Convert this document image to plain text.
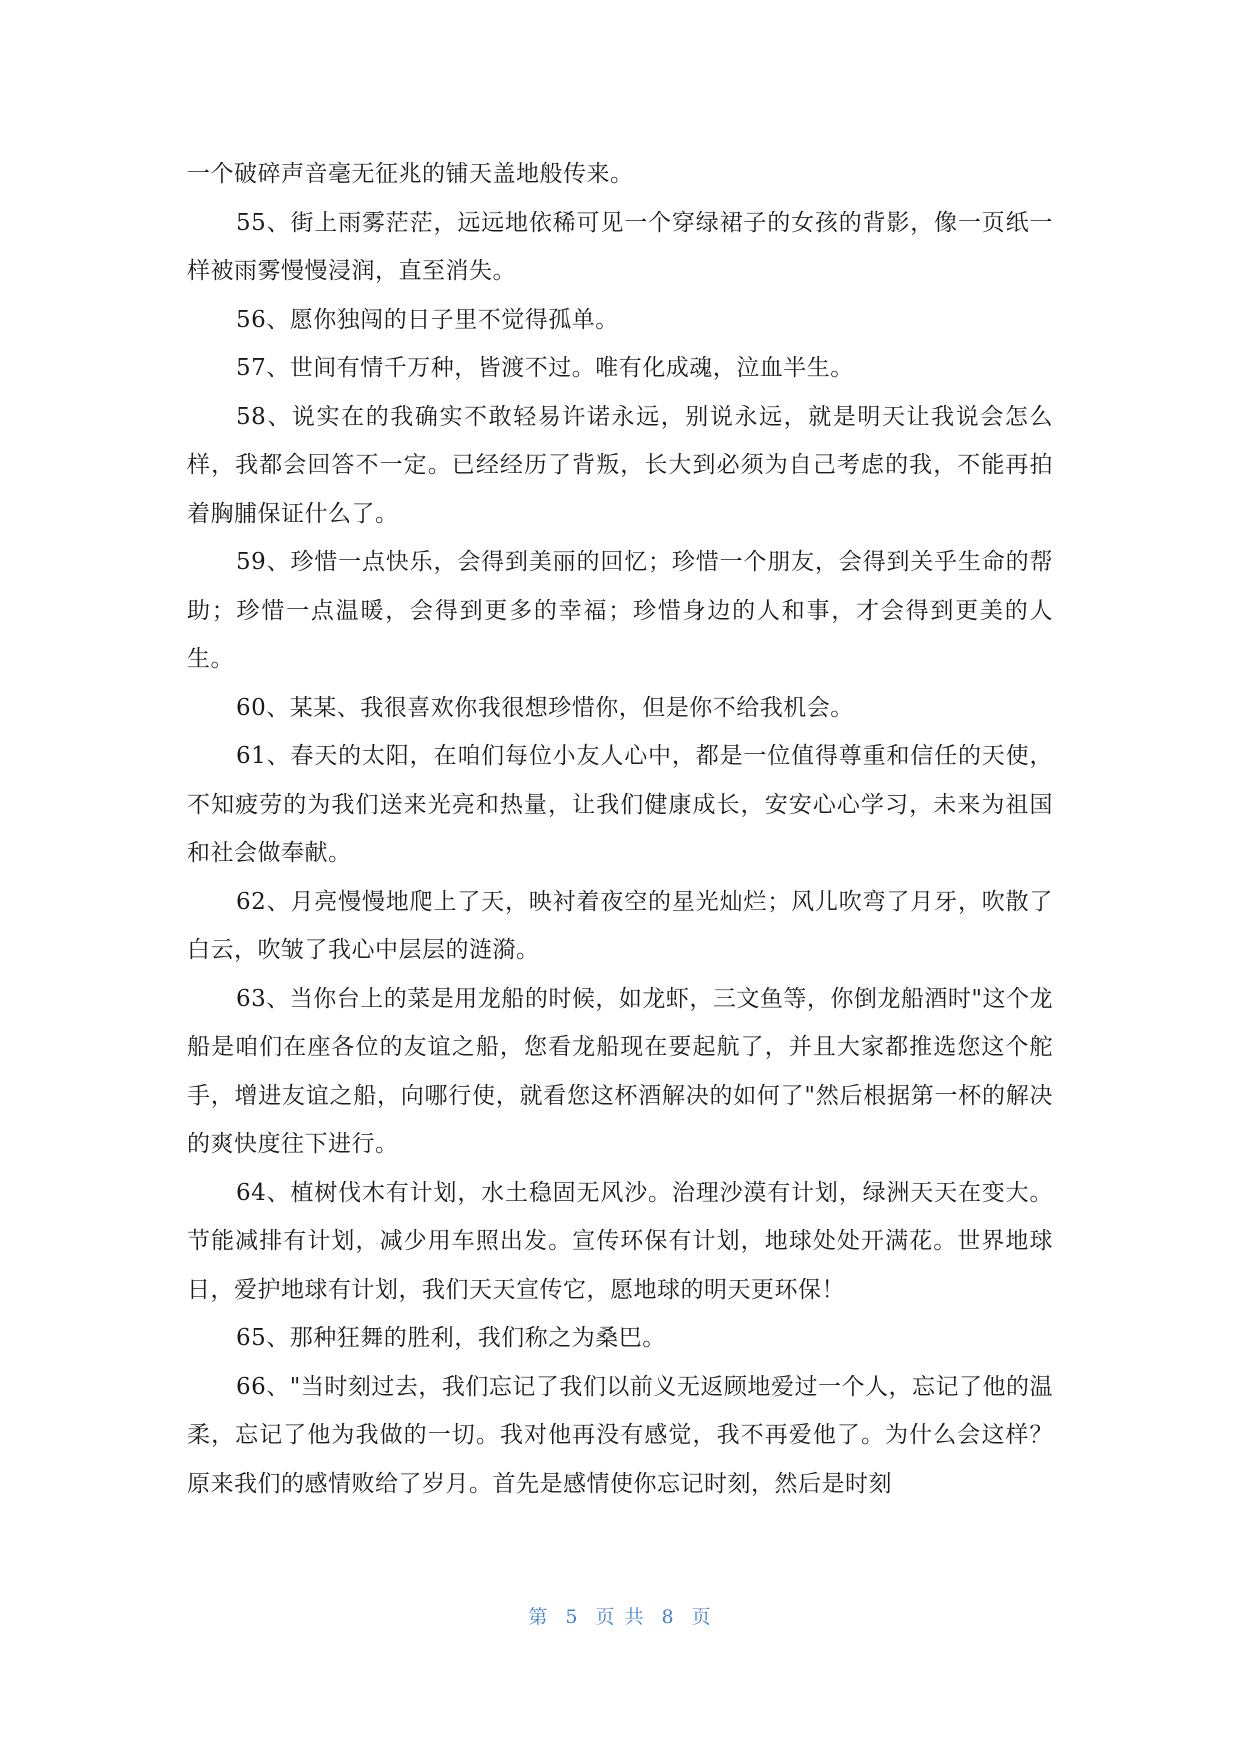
一个破碎声音毫无征兆的铺天盖地般传来。

55、街上雨雾茫茫，远远地依稀可见一个穿绿裙子的女孩的背影，像一页纸一样被雨雾慢慢浸润，直至消失。

56、愿你独闯的日子里不觉得孤单。

57、世间有情千万种，皆渡不过。唯有化成魂，泣血半生。

58、说实在的我确实不敢轻易许诺永远，别说永远，就是明天让我说会怎么样，我都会回答不一定。已经经历了背叛，长大到必须为自己考虑的我，不能再拍着胸脯保证什么了。

59、珍惜一点快乐，会得到美丽的回忆；珍惜一个朋友，会得到关乎生命的帮助；珍惜一点温暖，会得到更多的幸福；珍惜身边的人和事，才会得到更美的人生。

60、某某、我很喜欢你我很想珍惜你，但是你不给我机会。

61、春天的太阳，在咱们每位小友人心中，都是一位值得尊重和信任的天使，不知疲劳的为我们送来光亮和热量，让我们健康成长，安安心心学习，未来为祖国和社会做奉献。

62、月亮慢慢地爬上了天，映衬着夜空的星光灿烂；风儿吹弯了月牙，吹散了白云，吹皱了我心中层层的涟漪。

63、当你台上的菜是用龙船的时候，如龙虾，三文鱼等，你倒龙船酒时"这个龙船是咱们在座各位的友谊之船，您看龙船现在要起航了，并且大家都推选您这个舵手，增进友谊之船，向哪行使，就看您这杯酒解决的如何了"然后根据第一杯的解决的爽快度往下进行。

64、植树伐木有计划，水土稳固无风沙。治理沙漠有计划，绿洲天天在变大。节能减排有计划，减少用车照出发。宣传环保有计划，地球处处开满花。世界地球日，爱护地球有计划，我们天天宣传它，愿地球的明天更环保！

65、那种狂舞的胜利，我们称之为桑巴。

66、"当时刻过去，我们忘记了我们以前义无返顾地爱过一个人，忘记了他的温柔，忘记了他为我做的一切。我对他再没有感觉，我不再爱他了。为什么会这样？原来我们的感情败给了岁月。首先是感情使你忘记时刻，然后是时刻

第 5 页 共 8 页
